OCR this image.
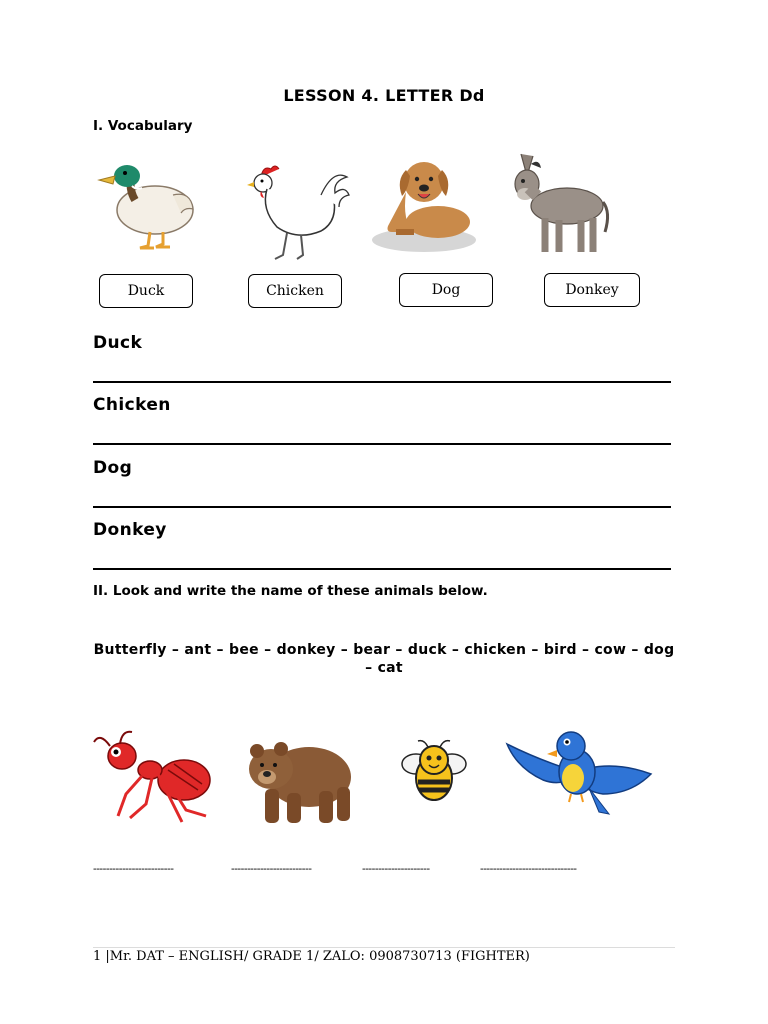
LESSON 4. LETTER Dd
I. Vocabulary
Duck	Chicken	Dog	Donkey
Duck
Chicken
Dog
Donkey
II. Look and write the name of these animals below.
Butterfly – ant – bee – donkey – bear – duck – chicken – bird – cow – dog – cat
-------------------------	-------------------------	---------------------	------------------------------
1 |Mr. DAT – ENGLISH/ GRADE 1/ ZALO: 0908730713 (FIGHTER)
